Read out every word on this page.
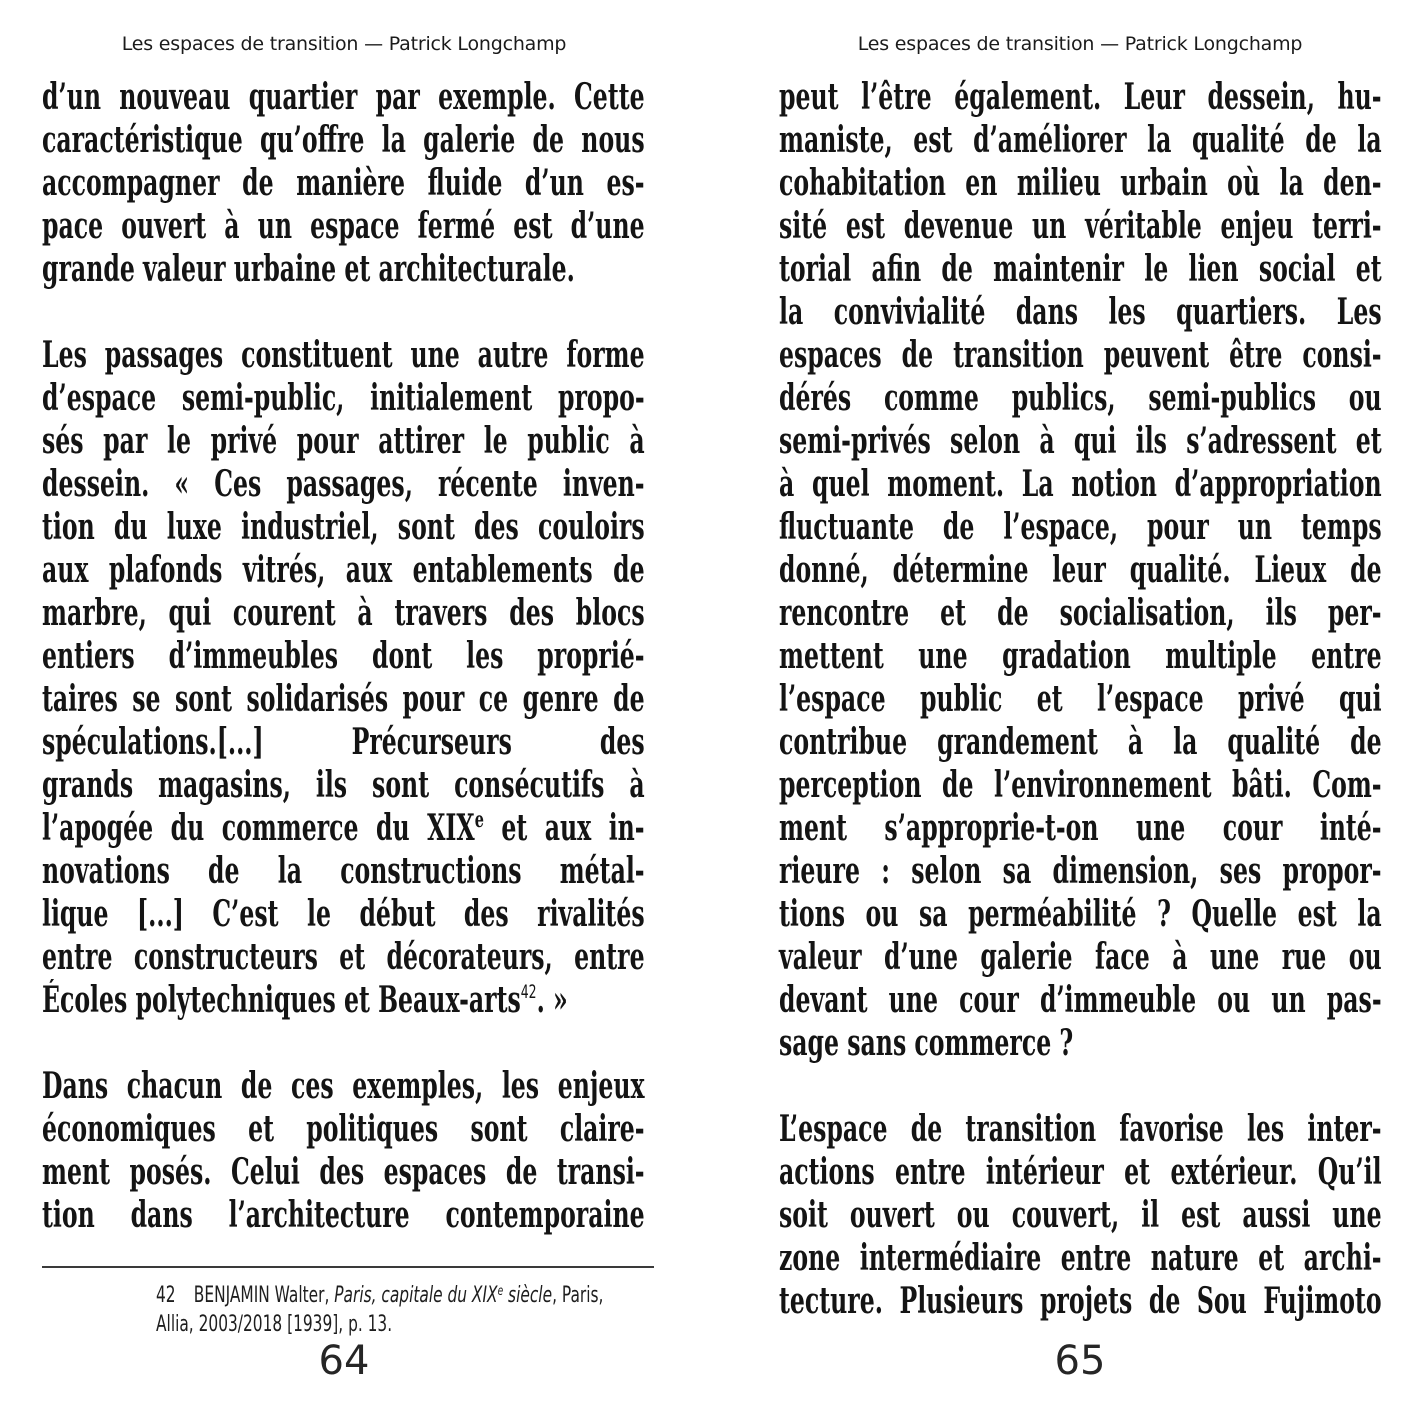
Les espaces de transition — Patrick Longchamp
d’un nouveau quartier par exemple. Cette
caractéristique qu’offre la galerie de nous
accompagner de manière fluide d’un es-
pace ouvert à un espace fermé est d’une
grande valeur urbaine et architecturale.
Les passages constituent une autre forme
d’espace semi-public, initialement propo-
sés par le privé pour attirer le public à
dessein. « Ces passages, récente inven-
tion du luxe industriel, sont des couloirs
aux plafonds vitrés, aux entablements de
marbre, qui courent à travers des blocs
entiers d’immeubles dont les proprié-
taires se sont solidarisés pour ce genre de
spéculations.[...] Précurseurs des
grands magasins, ils sont consécutifs à
l’apogée du commerce du XIXe et aux in-
novations de la constructions métal-
lique [...] C’est le début des rivalités
entre constructeurs et décorateurs, entre
Écoles polytechniques et Beaux-arts$^{42}$. »
Dans chacun de ces exemples, les enjeux
économiques et politiques sont claire-
ment posés. Celui des espaces de transi-
tion dans l’architecture contemporaine
42 BENJAMIN Walter, Paris, capitale du XIXe siècle, Paris,
Allia, 2003/2018 [1939], p. 13.
64
Les espaces de transition — Patrick Longchamp
peut l’être également. Leur dessein, hu-
maniste, est d’améliorer la qualité de la
cohabitation en milieu urbain où la den-
sité est devenue un véritable enjeu terri-
torial afin de maintenir le lien social et
la convivialité dans les quartiers. Les
espaces de transition peuvent être consi-
dérés comme publics, semi-publics ou
semi-privés selon à qui ils s’adressent et
à quel moment. La notion d’appropriation
fluctuante de l’espace, pour un temps
donné, détermine leur qualité. Lieux de
rencontre et de socialisation, ils per-
mettent une gradation multiple entre
l’espace public et l’espace privé qui
contribue grandement à la qualité de
perception de l’environnement bâti. Com-
ment s’approprie-t-on une cour inté-
rieure : selon sa dimension, ses propor-
tions ou sa perméabilité ? Quelle est la
valeur d’une galerie face à une rue ou
devant une cour d’immeuble ou un pas-
sage sans commerce ?
L’espace de transition favorise les inter-
actions entre intérieur et extérieur. Qu’il
soit ouvert ou couvert, il est aussi une
zone intermédiaire entre nature et archi-
tecture. Plusieurs projets de Sou Fujimoto
65
